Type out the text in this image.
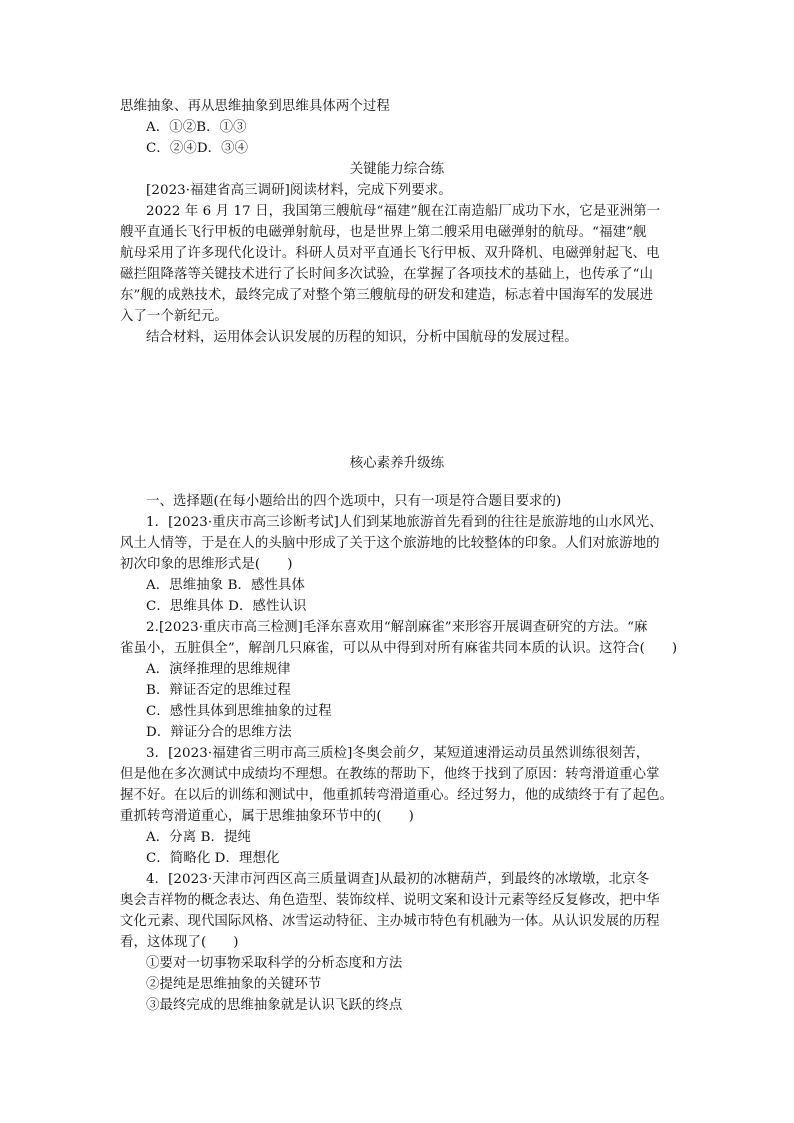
思维抽象、再从思维抽象到思维具体两个过程
A．①②B．①③
C．②④D．③④
关键能力综合练
[2023·福建省高三调研]阅读材料，完成下列要求。
2022 年 6 月 17 日，我国第三艘航母“福建”舰在江南造船厂成功下水，它是亚洲第一
艘平直通长飞行甲板的电磁弹射航母，也是世界上第二艘采用电磁弹射的航母。“福建”舰
航母采用了许多现代化设计。科研人员对平直通长飞行甲板、双升降机、电磁弹射起飞、电
磁拦阻降落等关键技术进行了长时间多次试验，在掌握了各项技术的基础上，也传承了“山
东”舰的成熟技术，最终完成了对整个第三艘航母的研发和建造，标志着中国海军的发展进
入了一个新纪元。
结合材料，运用体会认识发展的历程的知识，分析中国航母的发展过程。
核心素养升级练
一、选择题(在每小题给出的四个选项中，只有一项是符合题目要求的)
1．[2023·重庆市高三诊断考试]人们到某地旅游首先看到的往往是旅游地的山水风光、
风土人情等，于是在人的头脑中形成了关于这个旅游地的比较整体的印象。人们对旅游地的
初次印象的思维形式是(　　)
A．思维抽象 B．感性具体
C．思维具体 D．感性认识
2.[2023·重庆市高三检测]毛泽东喜欢用“解剖麻雀”来形容开展调查研究的方法。“麻
雀虽小，五脏俱全”，解剖几只麻雀，可以从中得到对所有麻雀共同本质的认识。这符合(　　)
A．演绎推理的思维规律
B．辩证否定的思维过程
C．感性具体到思维抽象的过程
D．辩证分合的思维方法
3．[2023·福建省三明市高三质检]冬奥会前夕，某短道速滑运动员虽然训练很刻苦，
但是他在多次测试中成绩均不理想。在教练的帮助下，他终于找到了原因：转弯滑道重心掌
握不好。在以后的训练和测试中，他重抓转弯滑道重心。经过努力，他的成绩终于有了起色。
重抓转弯滑道重心，属于思维抽象环节中的(　　)
A．分离 B．提纯
C．简略化 D．理想化
4．[2023·天津市河西区高三质量调查]从最初的冰糖葫芦，到最终的冰墩墩，北京冬
奥会吉祥物的概念表达、角色造型、装饰纹样、说明文案和设计元素等经反复修改，把中华
文化元素、现代国际风格、冰雪运动特征、主办城市特色有机融为一体。从认识发展的历程
看，这体现了(　　)
①要对一切事物采取科学的分析态度和方法
②提纯是思维抽象的关键环节
③最终完成的思维抽象就是认识飞跃的终点
